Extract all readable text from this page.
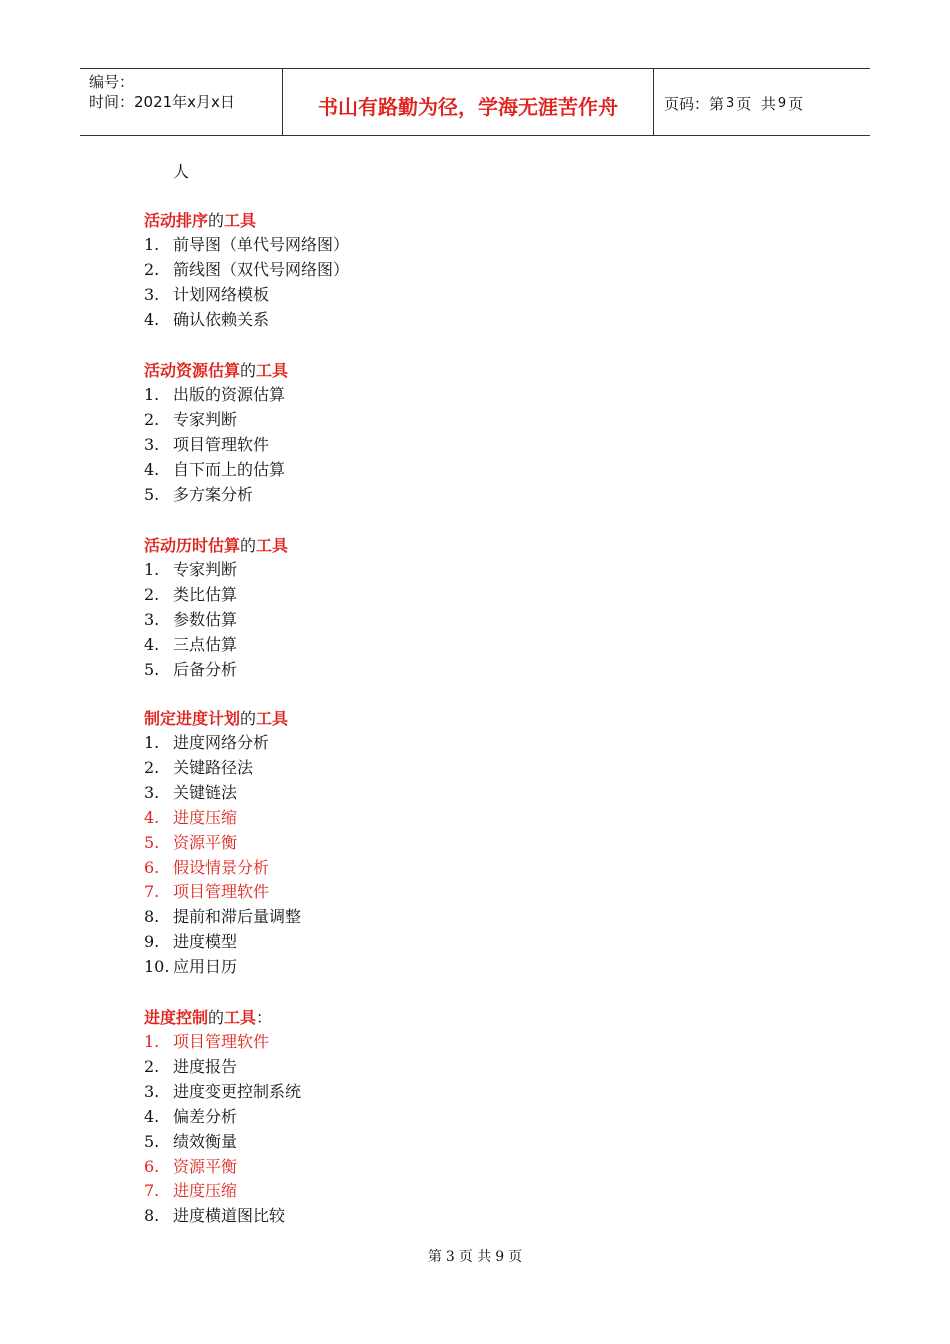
编号：
时间：2021年x月x日	书山有路勤为径，学海无涯苦作舟	页码：第 3 页  共 9 页
人
活动排序的工具
1. 前导图（单代号网络图）
2. 箭线图（双代号网络图）
3. 计划网络模板
4. 确认依赖关系
活动资源估算的工具
1. 出版的资源估算
2. 专家判断
3. 项目管理软件
4. 自下而上的估算
5. 多方案分析
活动历时估算的工具
1. 专家判断
2. 类比估算
3. 参数估算
4. 三点估算
5. 后备分析
制定进度计划的工具
1. 进度网络分析
2. 关键路径法
3. 关键链法
4. 进度压缩
5. 资源平衡
6. 假设情景分析
7. 项目管理软件
8. 提前和滞后量调整
9. 进度模型
10. 应用日历
进度控制的工具：
1. 项目管理软件
2. 进度报告
3. 进度变更控制系统
4. 偏差分析
5. 绩效衡量
6. 资源平衡
7. 进度压缩
8. 进度横道图比较
第 3 页 共 9 页
